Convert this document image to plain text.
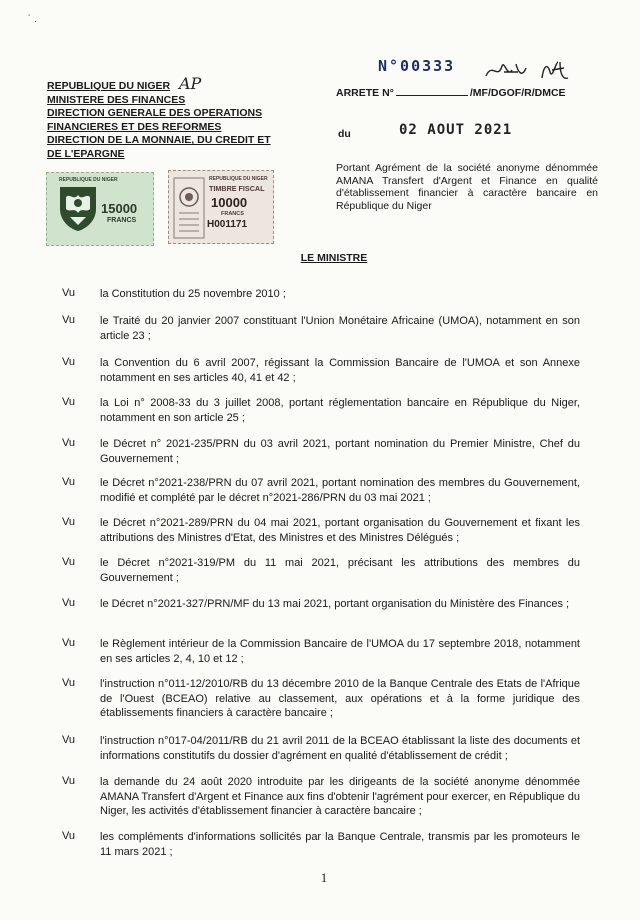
´ .
REPUBLIQUE DU NIGER
MINISTERE DES FINANCES
DIRECTION GENERALE DES OPERATIONS
FINANCIERES ET DES REFORMES
DIRECTION DE LA MONNAIE, DU CREDIT ET
DE L'EPARGNE
AP
N°00333
ARRETE N°	/MF/DGOF/R/DMCE
du	02 AOUT 2021
Portant Agrément de la société anonyme dénommée AMANA Transfert d'Argent et Finance en qualité d'établissement financier à caractère bancaire en République du Niger
REPUBLIQUE DU NIGER
15000
FRANCS
REPUBLIQUE DU NIGER
TIMBRE FISCAL
10000
FRANCS
H001171
LE MINISTRE
Vu la Constitution du 25 novembre 2010 ;
Vu le Traité du 20 janvier 2007 constituant l'Union Monétaire Africaine (UMOA), notamment en son article 23 ;
Vu la Convention du 6 avril 2007, régissant la Commission Bancaire de l'UMOA et son Annexe notamment en ses articles 40, 41 et 42 ;
Vu la Loi n° 2008-33 du 3 juillet 2008, portant réglementation bancaire en République du Niger, notamment en son article 25 ;
Vu le Décret n° 2021-235/PRN du 03 avril 2021, portant nomination du Premier Ministre, Chef du Gouvernement ;
Vu le Décret n°2021-238/PRN du 07 avril 2021, portant nomination des membres du Gouvernement, modifié et complété par le décret n°2021-286/PRN du 03 mai 2021 ;
Vu le Décret n°2021-289/PRN du 04 mai 2021, portant organisation du Gouvernement et fixant les attributions des Ministres d'Etat, des Ministres et des Ministres Délégués ;
Vu le Décret n°2021-319/PM du 11 mai 2021, précisant les attributions des membres du Gouvernement ;
Vu le Décret n°2021-327/PRN/MF du 13 mai 2021, portant organisation du Ministère des Finances ;
Vu le Règlement intérieur de la Commission Bancaire de l'UMOA du 17 septembre 2018, notamment en ses articles 2, 4, 10 et 12 ;
Vu l'instruction n°011-12/2010/RB du 13 décembre 2010 de la Banque Centrale des Etats de l'Afrique de l'Ouest (BCEAO) relative au classement, aux opérations et à la forme juridique des établissements financiers à caractère bancaire ;
Vu l'instruction n°017-04/2011/RB du 21 avril 2011 de la BCEAO établissant la liste des documents et informations constitutifs du dossier d'agrément en qualité d'établissement de crédit ;
Vu la demande du 24 août 2020 introduite par les dirigeants de la société anonyme dénommée AMANA Transfert d'Argent et Finance aux fins d'obtenir l'agrément pour exercer, en République du Niger, les activités d'établissement financier à caractère bancaire ;
Vu les compléments d'informations sollicités par la Banque Centrale, transmis par les promoteurs le 11 mars 2021 ;
1
